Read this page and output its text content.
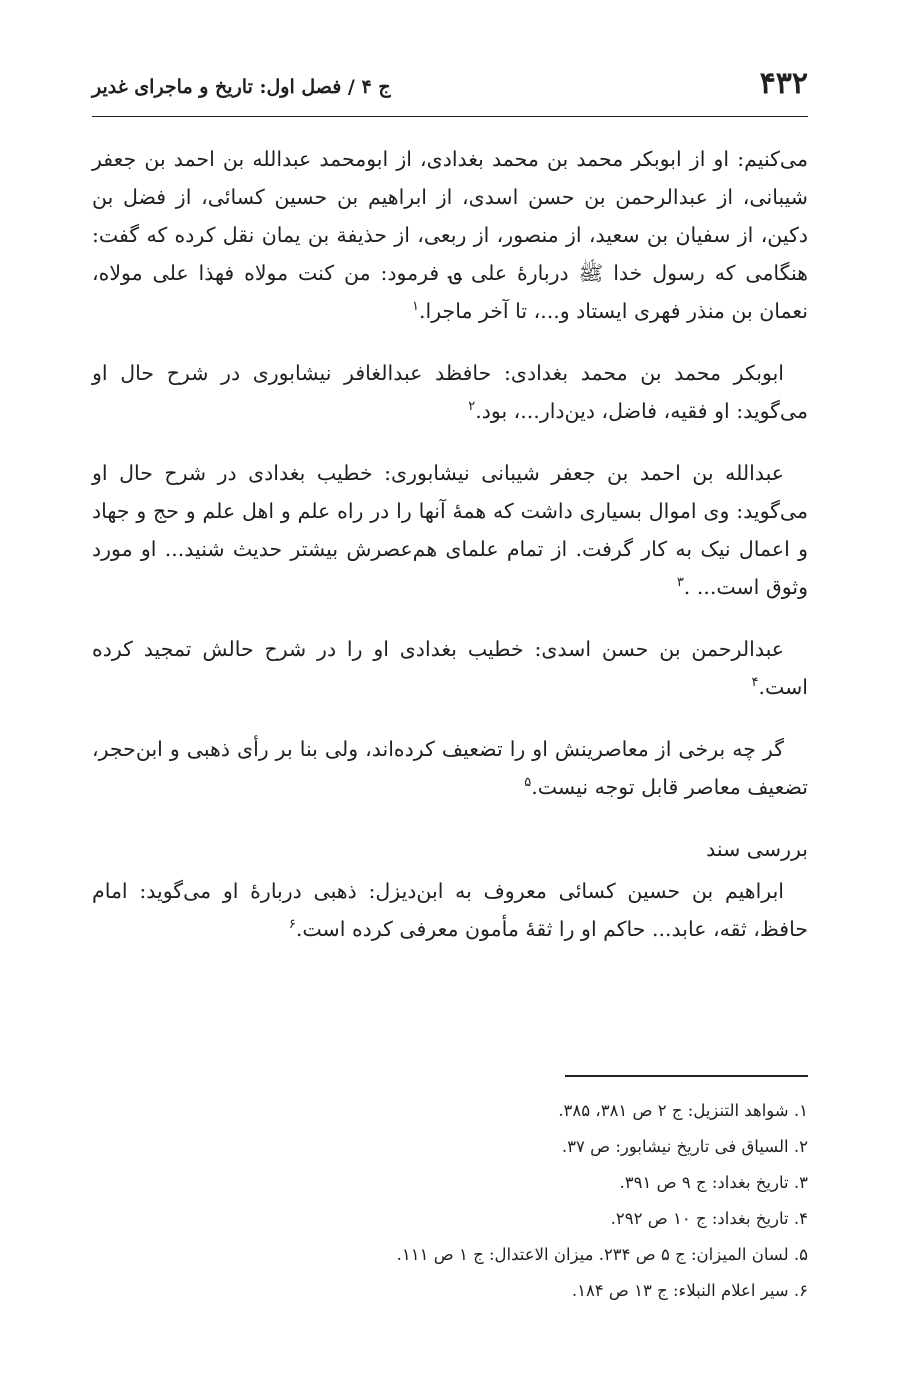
۴۳۲
ج ۴ / فصل اول: تاریخ و ماجرای غدیر

می‌کنیم: او از ابوبکر محمد بن محمد بغدادی، از ابومحمد عبدالله بن احمد بن جعفر شیبانی، از عبدالرحمن بن حسن اسدی، از ابراهیم بن حسین کسائی، از فضل بن دکین، از سفیان بن سعید، از منصور، از ربعی، از حذیفة بن یمان نقل کرده که گفت: هنگامی که رسول خدا ﷺ دربارهٔ علی ؈ فرمود: من کنت مولاه فهذا علی مولاه، نعمان بن منذر فهری ایستاد و...، تا آخر ماجرا.$^۱$

ابوبکر محمد بن محمد بغدادی: حافظد عبدالغافر نیشابوری در شرح حال او می‌گوید: او فقیه، فاضل، دین‌دار...، بود.$^۲$

عبدالله بن احمد بن جعفر شیبانی نیشابوری: خطیب بغدادی در شرح حال او می‌گوید: وی اموال بسیاری داشت که همهٔ آنها را در راه علم و اهل علم و حج و جهاد و اعمال نیک به کار گرفت. از تمام علمای هم‌عصرش بیشتر حدیث شنید... او مورد وثوق است... .$^۳$

عبدالرحمن بن حسن اسدی: خطیب بغدادی او را در شرح حالش تمجید کرده است.$^۴$

گر چه برخی از معاصرینش او را تضعیف کرده‌اند، ولی بنا بر رأی ذهبی و ابن‌حجر، تضعیف معاصر قابل توجه نیست.$^۵$

بررسی سند

ابراهیم بن حسین کسائی معروف به ابن‌دیزل: ذهبی دربارهٔ او می‌گوید: امام حافظ، ثقه، عابد... حاکم او را ثقهٔ مأمون معرفی کرده است.$^۶$

۱. شواهد التنزیل: ج ۲ ص ۳۸۱، ۳۸۵.

۲. السیاق فی تاریخ نیشابور: ص ۳۷.

۳. تاریخ بغداد: ج ۹ ص ۳۹۱.

۴. تاریخ بغداد: ج ۱۰ ص ۲۹۲.

۵. لسان المیزان: ج ۵ ص ۲۳۴. میزان الاعتدال: ج ۱ ص ۱۱۱.

۶. سیر اعلام النبلاء: ج ۱۳ ص ۱۸۴.
